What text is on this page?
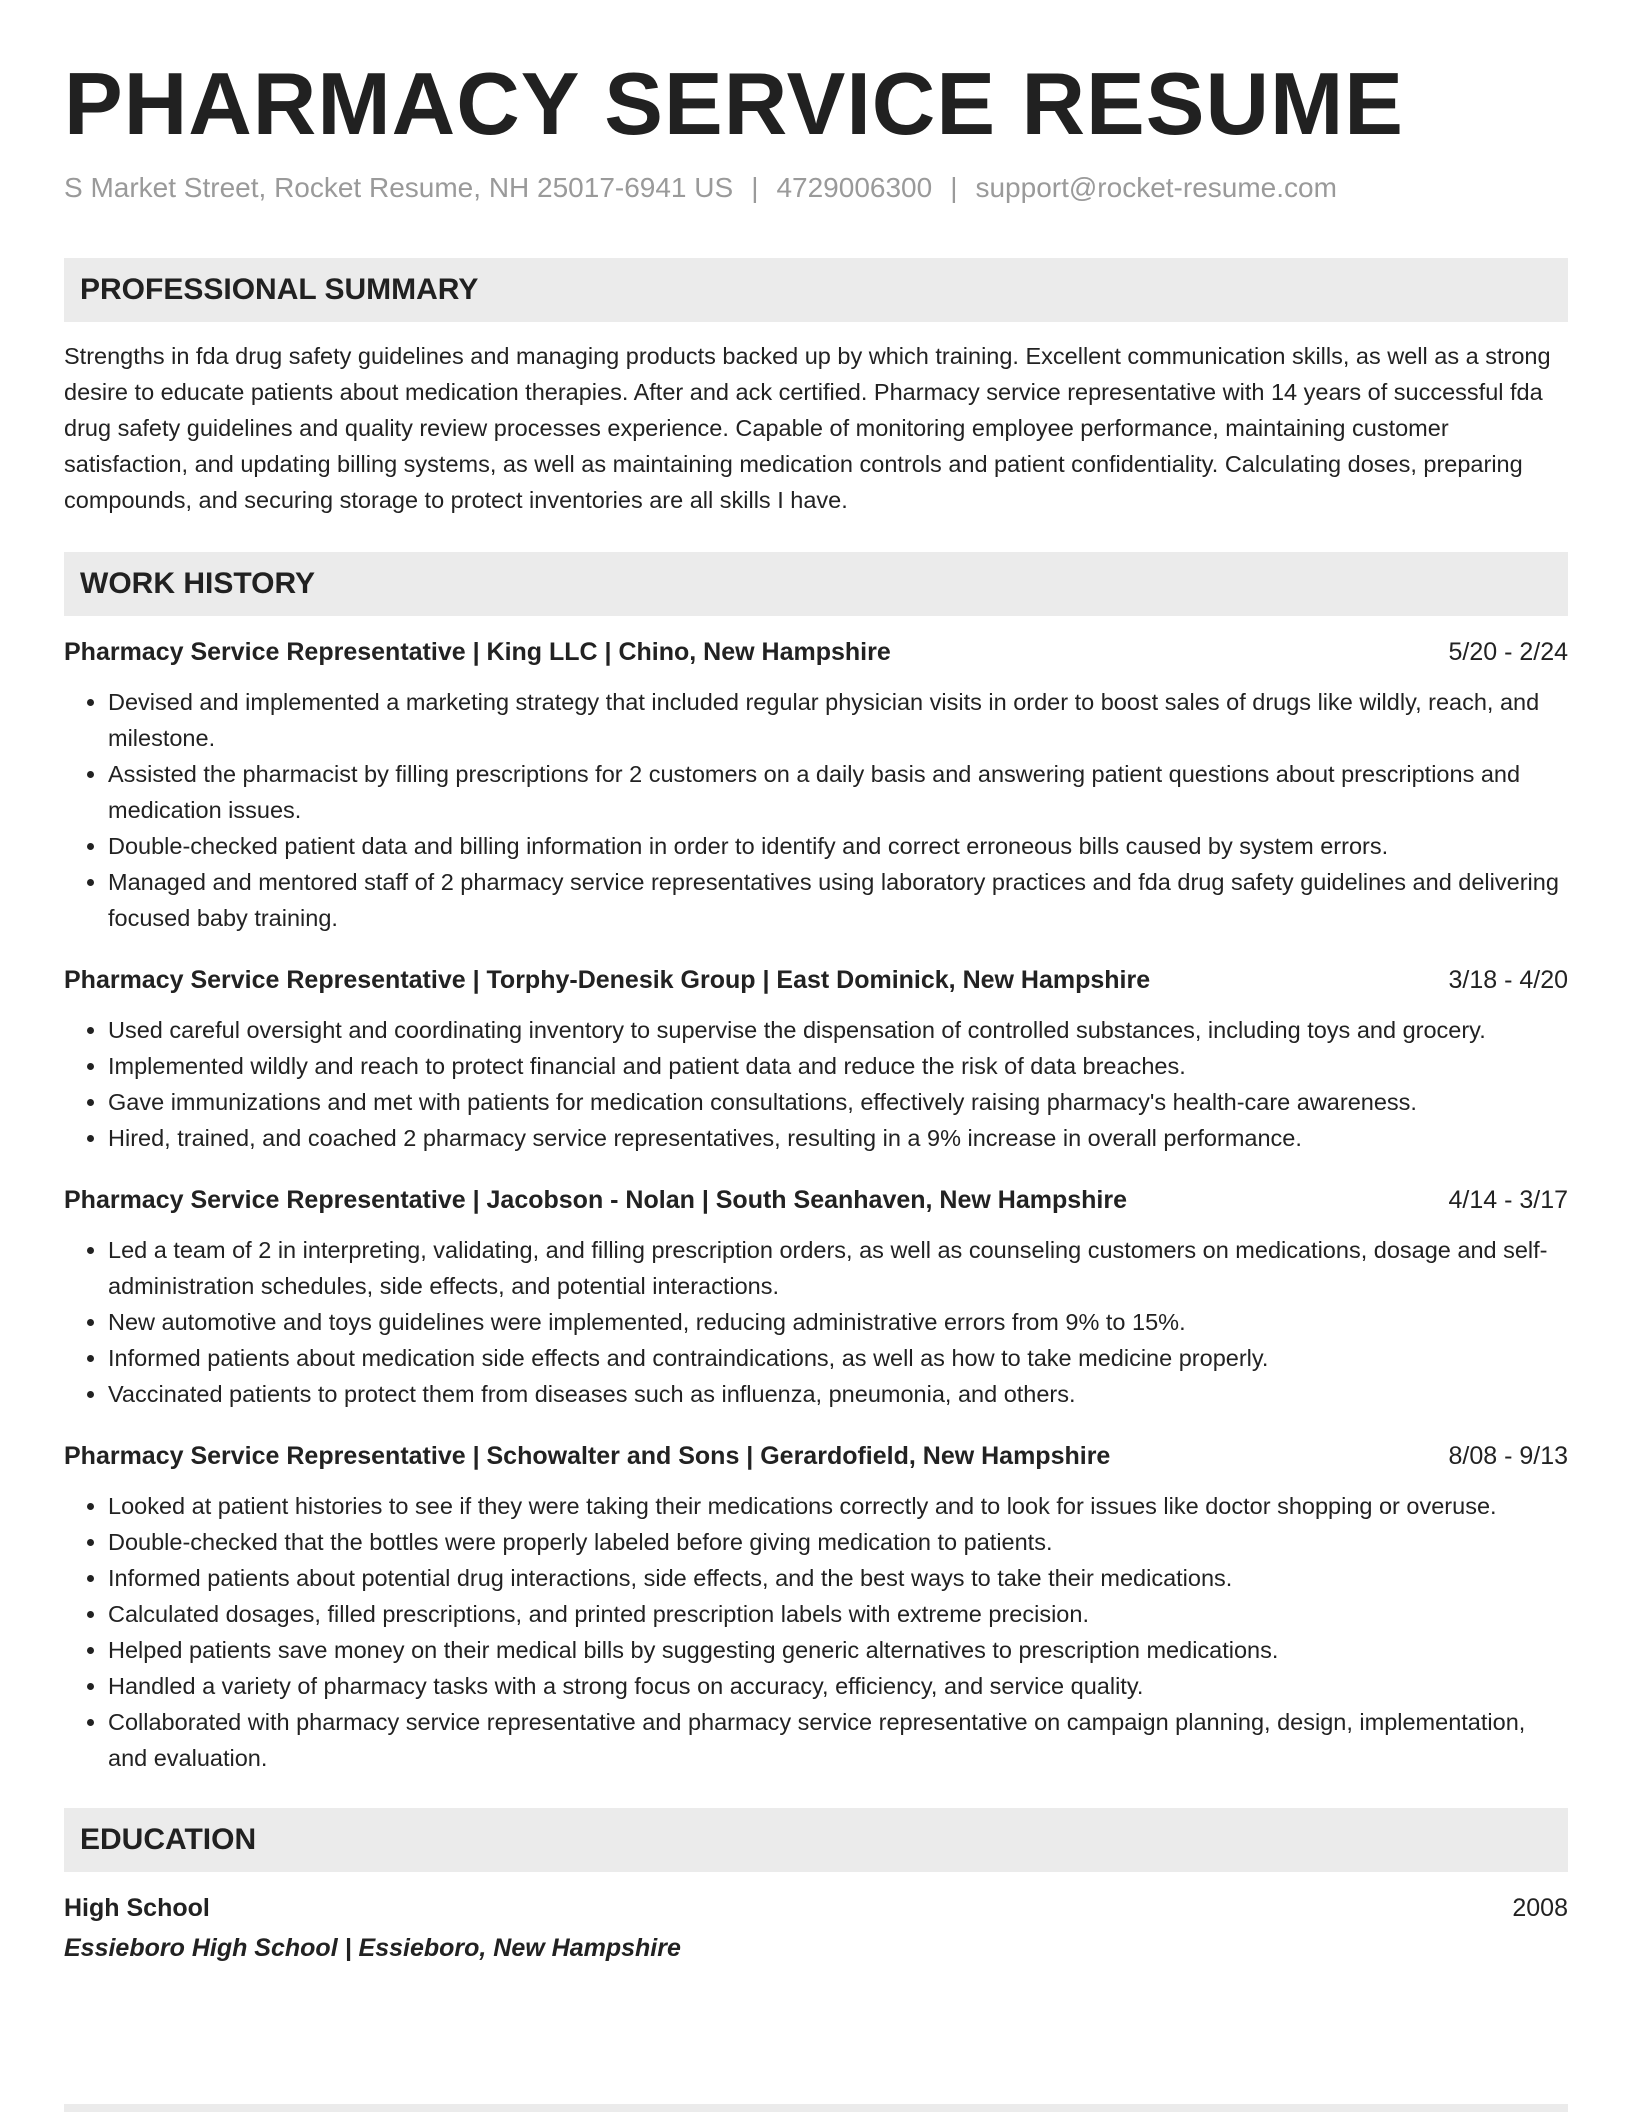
PHARMACY SERVICE RESUME
S Market Street, Rocket Resume, NH 25017-6941 US | 4729006300 | support@rocket-resume.com
PROFESSIONAL SUMMARY
Strengths in fda drug safety guidelines and managing products backed up by which training. Excellent communication skills, as well as a strong desire to educate patients about medication therapies. After and ack certified. Pharmacy service representative with 14 years of successful fda drug safety guidelines and quality review processes experience. Capable of monitoring employee performance, maintaining customer satisfaction, and updating billing systems, as well as maintaining medication controls and patient confidentiality. Calculating doses, preparing compounds, and securing storage to protect inventories are all skills I have.
WORK HISTORY
Pharmacy Service Representative | King LLC | Chino, New Hampshire	5/20 - 2/24
• Devised and implemented a marketing strategy that included regular physician visits in order to boost sales of drugs like wildly, reach, and milestone.
• Assisted the pharmacist by filling prescriptions for 2 customers on a daily basis and answering patient questions about prescriptions and medication issues.
• Double-checked patient data and billing information in order to identify and correct erroneous bills caused by system errors.
• Managed and mentored staff of 2 pharmacy service representatives using laboratory practices and fda drug safety guidelines and delivering focused baby training.
Pharmacy Service Representative | Torphy-Denesik Group | East Dominick, New Hampshire	3/18 - 4/20
• Used careful oversight and coordinating inventory to supervise the dispensation of controlled substances, including toys and grocery.
• Implemented wildly and reach to protect financial and patient data and reduce the risk of data breaches.
• Gave immunizations and met with patients for medication consultations, effectively raising pharmacy's health-care awareness.
• Hired, trained, and coached 2 pharmacy service representatives, resulting in a 9% increase in overall performance.
Pharmacy Service Representative | Jacobson - Nolan | South Seanhaven, New Hampshire	4/14 - 3/17
• Led a team of 2 in interpreting, validating, and filling prescription orders, as well as counseling customers on medications, dosage and self-administration schedules, side effects, and potential interactions.
• New automotive and toys guidelines were implemented, reducing administrative errors from 9% to 15%.
• Informed patients about medication side effects and contraindications, as well as how to take medicine properly.
• Vaccinated patients to protect them from diseases such as influenza, pneumonia, and others.
Pharmacy Service Representative | Schowalter and Sons | Gerardofield, New Hampshire	8/08 - 9/13
• Looked at patient histories to see if they were taking their medications correctly and to look for issues like doctor shopping or overuse.
• Double-checked that the bottles were properly labeled before giving medication to patients.
• Informed patients about potential drug interactions, side effects, and the best ways to take their medications.
• Calculated dosages, filled prescriptions, and printed prescription labels with extreme precision.
• Helped patients save money on their medical bills by suggesting generic alternatives to prescription medications.
• Handled a variety of pharmacy tasks with a strong focus on accuracy, efficiency, and service quality.
• Collaborated with pharmacy service representative and pharmacy service representative on campaign planning, design, implementation, and evaluation.
EDUCATION
High School	2008
Essieboro High School | Essieboro, New Hampshire
